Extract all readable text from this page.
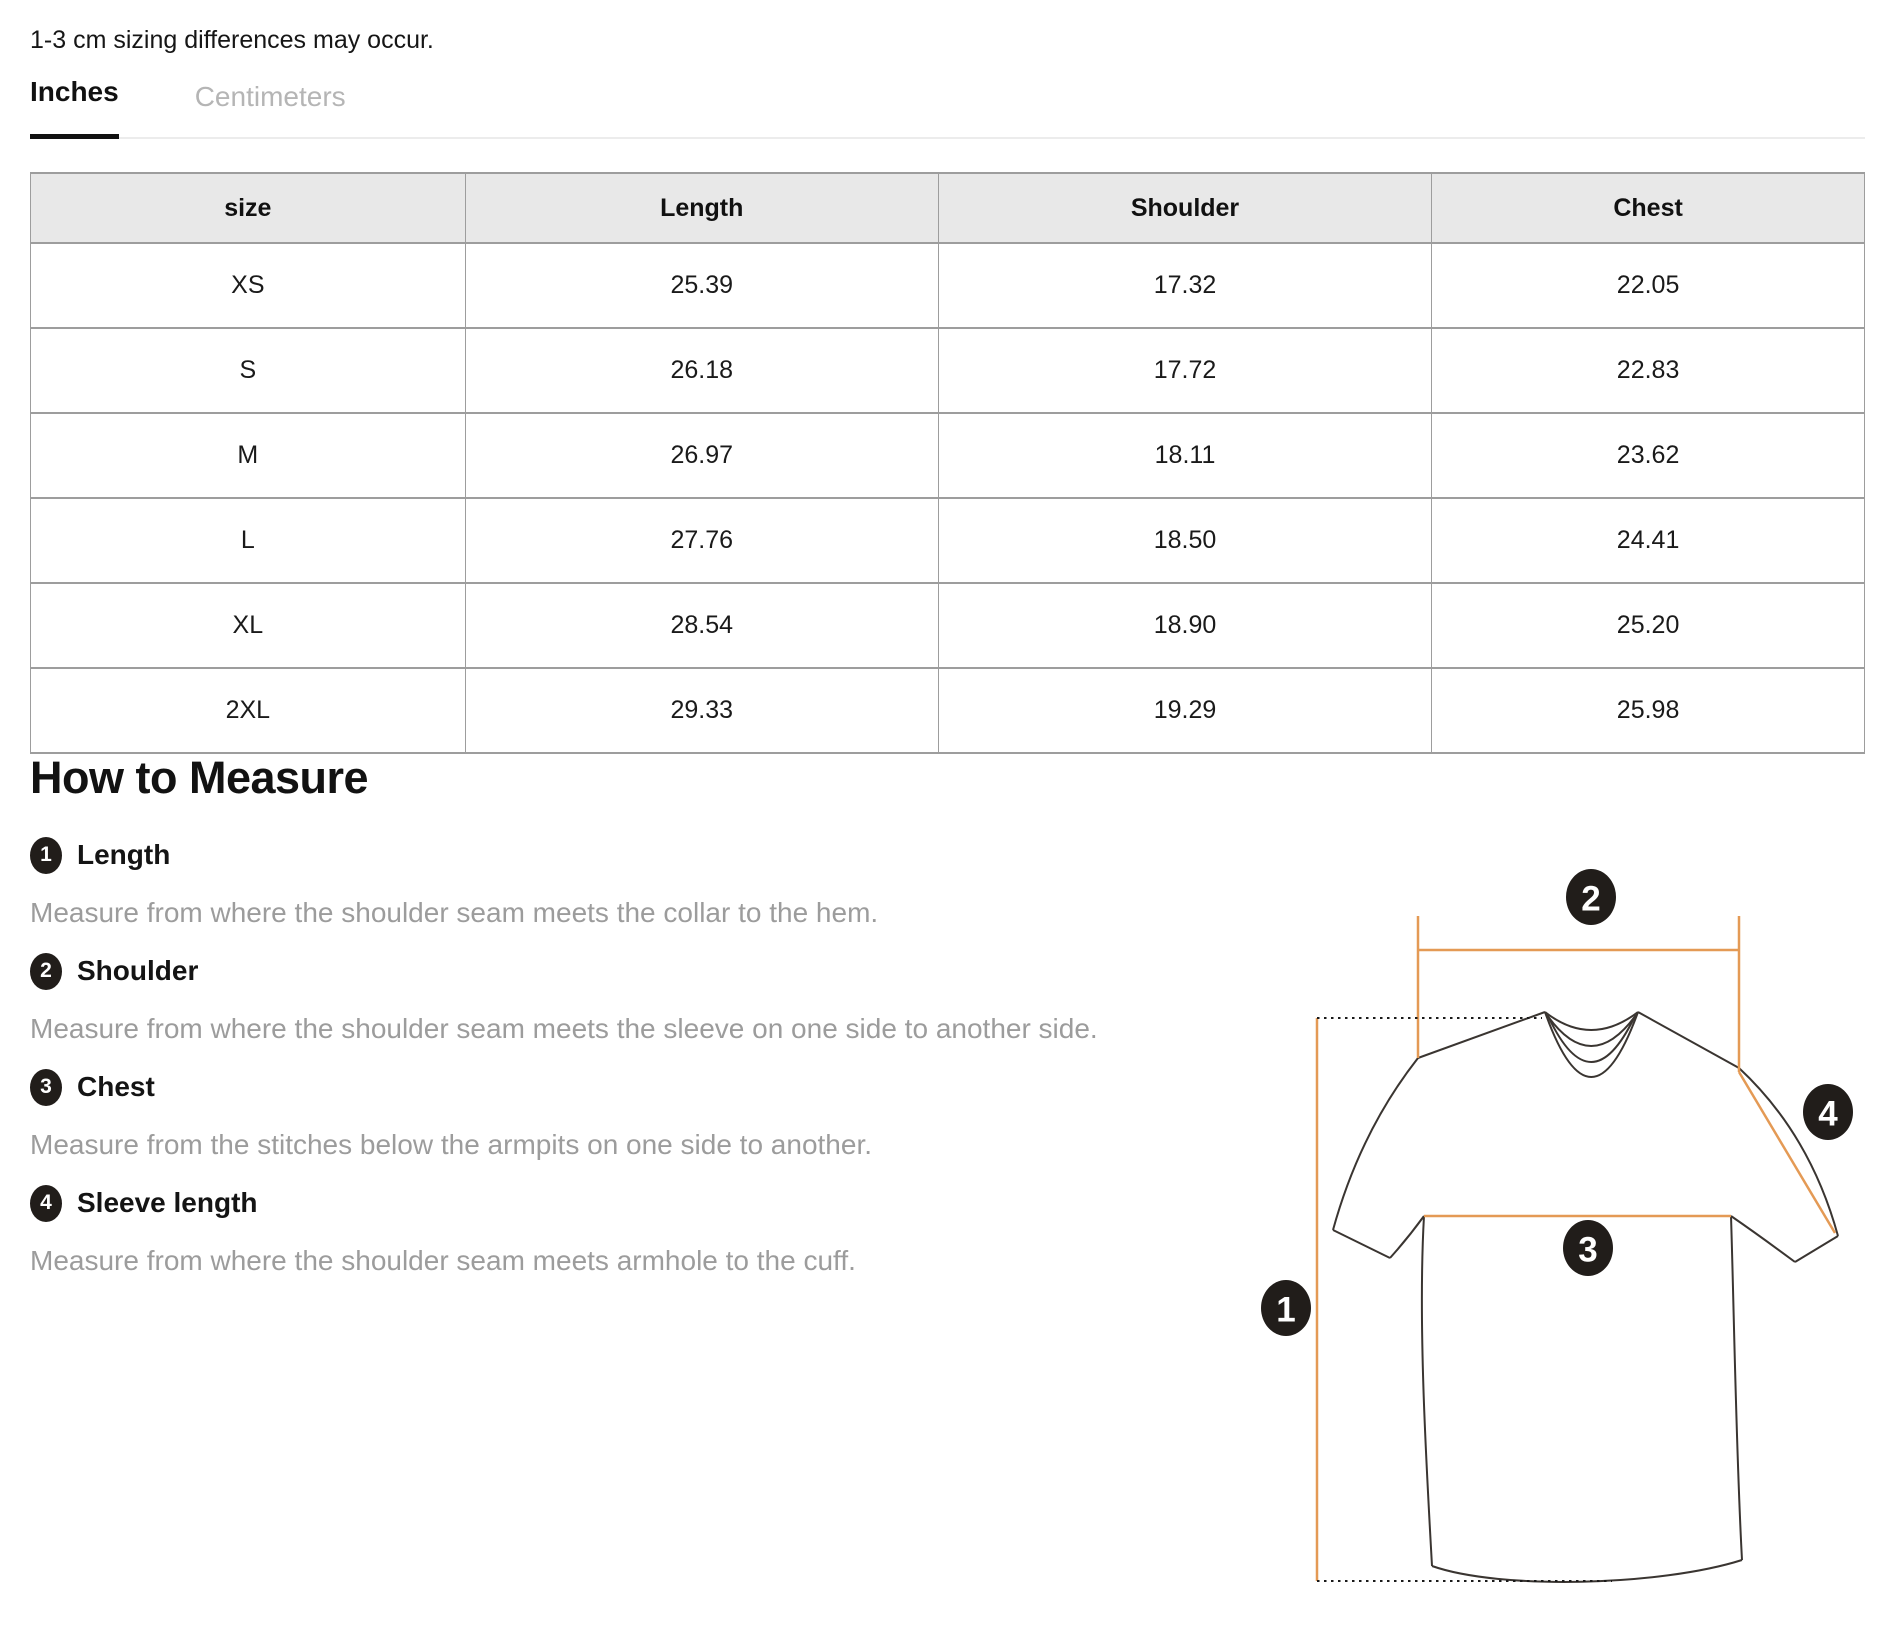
1-3 cm sizing differences may occur.
Inches	Centimeters
size	Length	Shoulder	Chest
XS	25.39	17.32	22.05
S	26.18	17.72	22.83
M	26.97	18.11	23.62
L	27.76	18.50	24.41
XL	28.54	18.90	25.20
2XL	29.33	19.29	25.98
How to Measure
1 Length
Measure from where the shoulder seam meets the collar to the hem.
2 Shoulder
Measure from where the shoulder seam meets the sleeve on one side to another side.
3 Chest
Measure from the stitches below the armpits on one side to another.
4 Sleeve length
Measure from where the shoulder seam meets armhole to the cuff.
2
4
3
1
